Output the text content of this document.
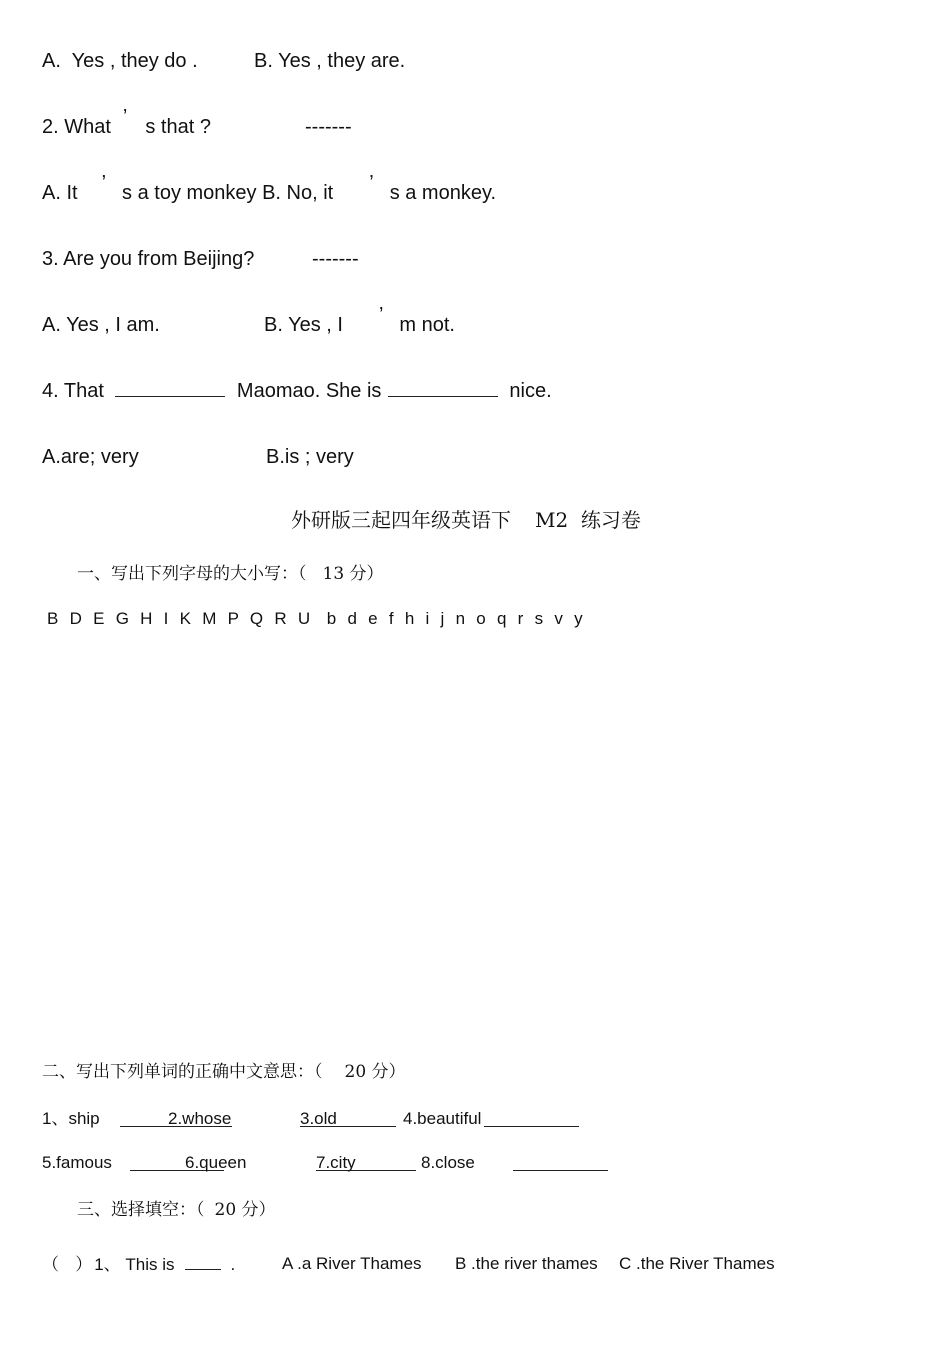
A.  Yes , they do .	B. Yes , they are.
2. What ’ s that ?	-------
A. It ’ s a toy monkey B. No, it ’ s a monkey.
3. Are you from Beijing?	-------
A. Yes , I am.	B. Yes , I ’ m not.
4. That	Maomao. She is	nice.
A.are; very	B.is ; very
外研版三起四年级英语下 M2  练习卷
一、写出下列字母的大小写：（ 13 分）
B  D  E  G  H  I  K  M  P  Q  R  U   b  d  e  f  h  i  j  n  o  q  r  s  v  y
二、写出下列单词的正确中文意思：（ 20 分）
1、ship	2.whose	3.old	4.beautiful
5.famous	6.queen	7.city	8.close
三、选择填空：（ 20 分）
（   ） 1、 This is	.	A .a River Thames B .the river thames C .the River Thames
